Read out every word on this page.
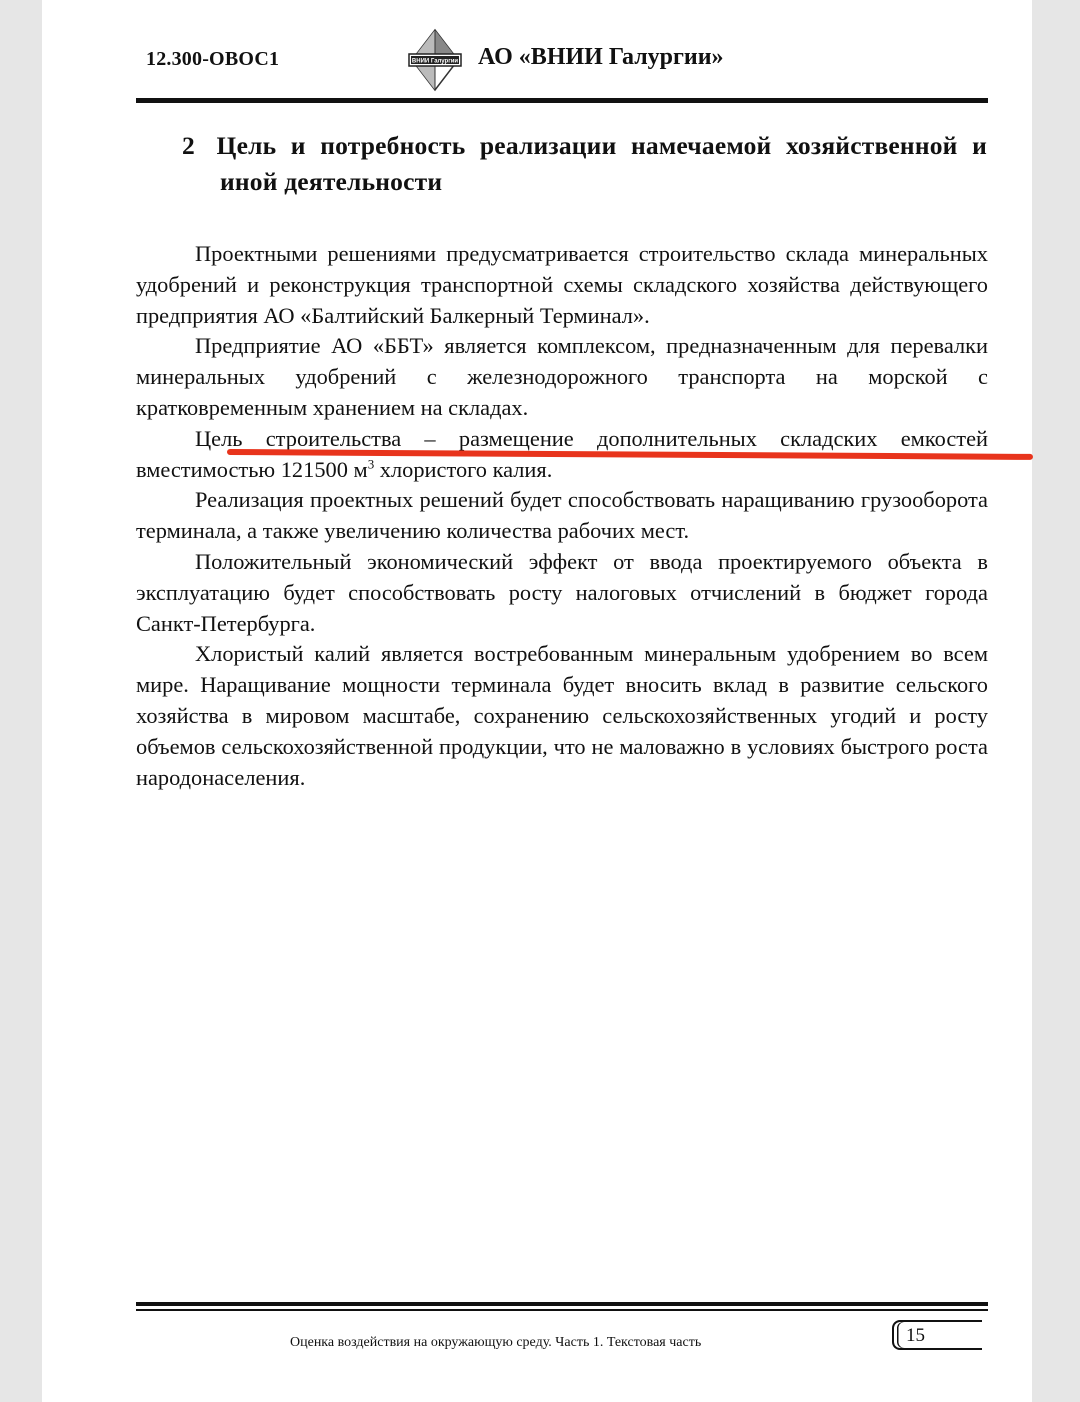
12.300-ОВОС1	ВНИИ Галургии АО «ВНИИ Галургии»
2 Цель и потребность реализации намечаемой хозяйственной и иной деятельности

Проектными решениями предусматривается строительство склада минеральных удобрений и реконструкция транспортной схемы складского хозяйства действующего предприятия АО «Балтийский Балкерный Терминал».

Предприятие АО «ББТ» является комплексом, предназначенным для перевалки минеральных удобрений с железнодорожного транспорта на морской с кратковременным хранением на складах.

Цель строительства – размещение дополнительных складских емкостей вместимостью 121500 $м^3$ хлористого калия.

Реализация проектных решений будет способствовать наращиванию грузооборота терминала, а также увеличению количества рабочих мест.

Положительный экономический эффект от ввода проектируемого объекта в эксплуатацию будет способствовать росту налоговых отчислений в бюджет города Санкт-Петербурга.

Хлористый калий является востребованным минеральным удобрением во всем мире. Наращивание мощности терминала будет вносить вклад в развитие сельского хозяйства в мировом масштабе, сохранению сельскохозяйственных угодий и росту объемов сельскохозяйственной продукции, что не маловажно в условиях быстрого роста народонаселения.

Оценка воздействия на окружающую среду. Часть 1. Текстовая часть	15
